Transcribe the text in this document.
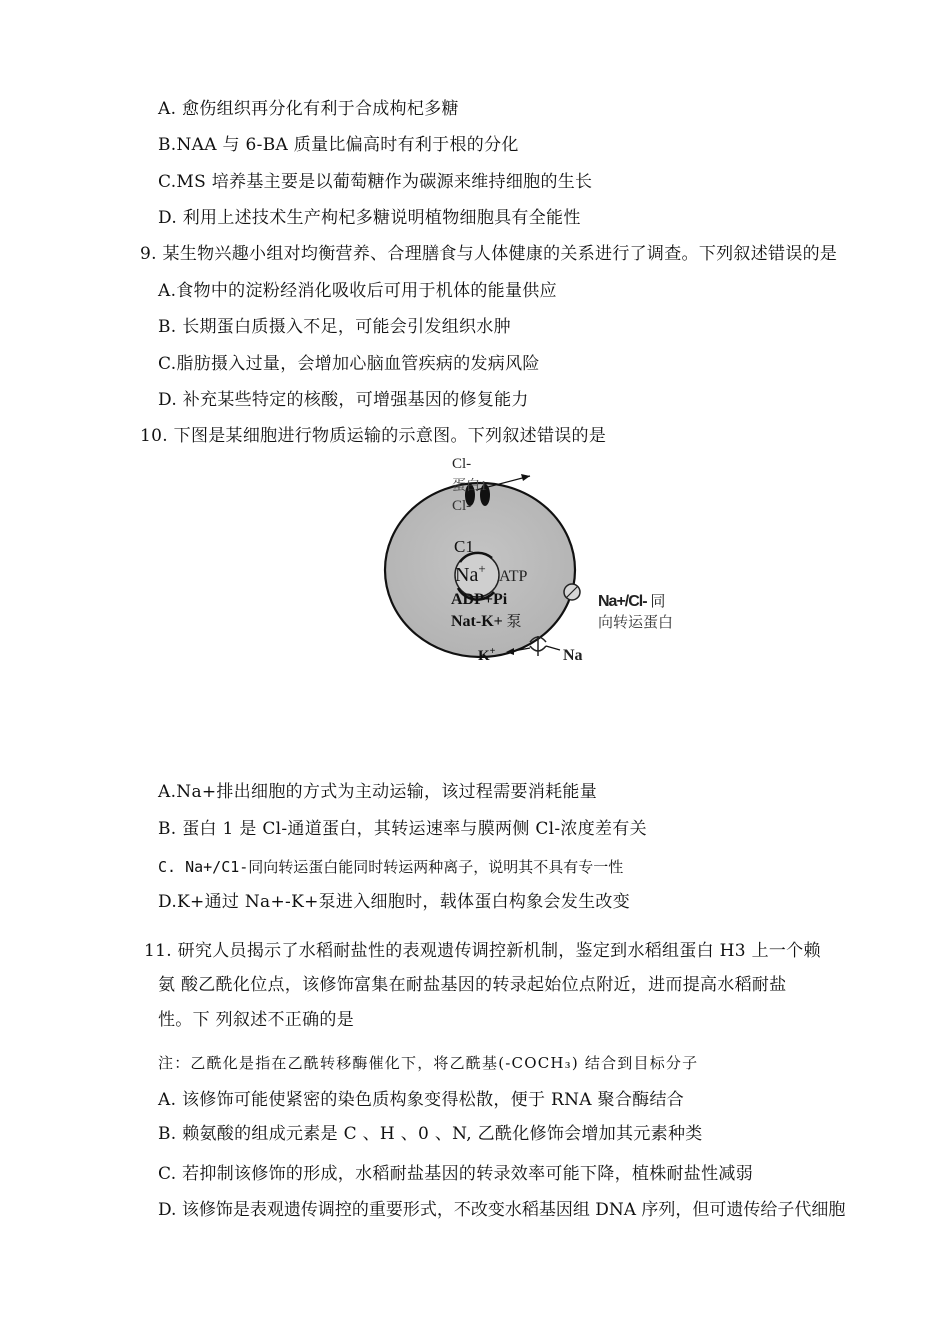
A. 愈伤组织再分化有利于合成枸杞多糖
B.NAA 与 6-BA 质量比偏高时有利于根的分化
C.MS 培养基主要是以葡萄糖作为碳源来维持细胞的生长
D. 利用上述技术生产枸杞多糖说明植物细胞具有全能性
9. 某生物兴趣小组对均衡营养、合理膳食与人体健康的关系进行了调查。下列叙述错误的是
A.食物中的淀粉经消化吸收后可用于机体的能量供应
B. 长期蛋白质摄入不足，可能会引发组织水肿
C.脂肪摄入过量，会增加心脑血管疾病的发病风险
D. 补充某些特定的核酸，可增强基因的修复能力
10. 下图是某细胞进行物质运输的示意图。下列叙述错误的是
Cl-
蛋白1
Cl-
C1
Na+ ATP
ADP+Pi
Nat-K+ 泵
Na+/Cl- 同
向转运蛋白
K+	Na
A.Na+排出细胞的方式为主动运输，该过程需要消耗能量
B. 蛋白 1 是 Cl-通道蛋白，其转运速率与膜两侧 Cl-浓度差有关
C. Na+/C1-同向转运蛋白能同时转运两种离子，说明其不具有专一性
D.K+通过 Na+-K+泵进入细胞时，载体蛋白构象会发生改变
11. 研究人员揭示了水稻耐盐性的表观遗传调控新机制，鉴定到水稻组蛋白 H3 上一个赖
氨 酸乙酰化位点，该修饰富集在耐盐基因的转录起始位点附近，进而提高水稻耐盐
性。下 列叙述不正确的是
注：乙酰化是指在乙酰转移酶催化下，将乙酰基(-COCH₃) 结合到目标分子
A. 该修饰可能使紧密的染色质构象变得松散，便于 RNA 聚合酶结合
B. 赖氨酸的组成元素是 C 、H 、0 、N, 乙酰化修饰会增加其元素种类
C. 若抑制该修饰的形成，水稻耐盐基因的转录效率可能下降，植株耐盐性减弱
D. 该修饰是表观遗传调控的重要形式，不改变水稻基因组 DNA 序列，但可遗传给子代细胞
